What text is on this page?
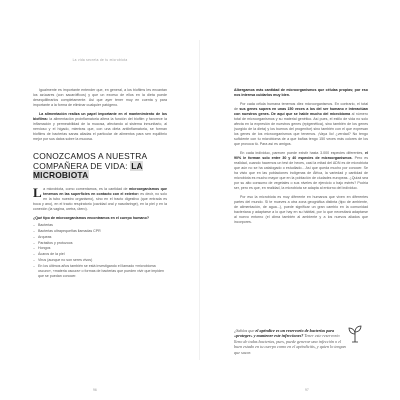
La vida secreta de tu microbiota

Igualmente es importante entender que, en general, a los biofilms les encantan los azúcares (con sacarófficos) y que un exceso de ellos en la dieta puede desequilibrarlos completamente. Así que ayer tener muy en cuenta y para importante a la forma de eliminar cualquier patógeno.

La alimentación realiza un papel importante en el mantenimiento de los biofilms: la alimentación proinflamatoria altera la función del biofilm y favorece la inflamación y permeabilidad de la mucosa, afectando al sistema inmunitario, al nervioso y el hígado, mientras que, con una dieta antiinflamatoria, se forman biofilms de bacterias sanas aliadas el particular de alimentos para sen equilibrio mejor por sus datos sobre la mucosa.

CONOZCAMOS A NUESTRA COMPAÑERA DE VIDA: LA MICROBIOTA

La microbiota, como comentamos, es la cantidad de microorganismos que tenemos en las superficies en contacto con el exterior: es decir, no solo en la tubo nuestro organismo), sino en el tracto digestivo (que entrada es boca y ano), en el tracto respiratorio (cavidad oral y nasofaringe), en la piel y en la conexión (la vagina, uretra, útero).

¿Qué tipo de microorganismos encontramos en el cuerpo humano?
– Bacterias
– Bacterias ultrapequeñas llamadas CPR
– Arqueas
– Parásitos y protozoos
– Hongos
– Ácaros de la piel
– Virus (aunque no son seres vivos)
– En los últimos años también se está investigando el llamado «microbioma oscuro», «materia oscura» o formas de bacterias que pueden vivir que impiden que se puedan conocer.
96	97

Albergamos más cantidad de microorganismos que células propias; por eso nos interesa cuidarlos muy bien.

Por cada célula humana tenemos diez microorganismos. En contrario, el total de sus genes supera en unas 150 veces a los del ser humano e interactúan con nuestros genes. De aquí que se hable mucho del microbioma al número total de microorganismos y su material genético. Así pues, el estilo de vida no solo afecta en la expresión de nuestros genes (epigenética), sino también de los genes (surgido de la dieta) y los buenos del progenitor) sino también con el que expresan los genes de los microorganismos que tenemos. ¡Vaya lío! ¿verdad? No tengo suficiente con tu microbioma de a que bañas tengo 150 veces más colores de los que provoca tú. Para así es amigos.

En cada individuo, parecen puede existir hasta 3.000 especies diferentes, el 90% le forman solo entre 30 y 40 especies de microorganismos. Pero es realidad, cuando hacemos un test de heces, casi la mitad del ADN es de microbiota que aún no se ha catalogado o estudiado... Así que queda mucho por conocer. Se ha visto que en las poblaciones indígenas de África, la variedad y cantidad de microbiota es mucho mayor que en la población de ciudades europeas. ¿Quizá sea por su alto consumo de vegetales o sus niveles de ejercicio o bajo estrés? Podría ser, pero es que, en realidad, la microbiota se adapta al entorno del individuo.

Por eso la microbiota es muy diferente en humanos que viven en diferentes partes del mundo. Si te mueves a otra zona geográfica distinta (tipo de ambiente, de alimentación, de agua...), puede significar un gran cambio en la comunidad bacteriana y adaptarse a lo que hay en su hábitat, por lo que necesitará adaptarse al nuevo entorno (el clima también al ambiente y a los nuevos aliados que incorpores.

¿Sabías que el apéndice es un reservorio de bacterias para «proteger» y mantener este infecciones? Tener este reservorio lleno de todas bacterias, pues, puede generar una infección o el buen estado en tu cuerpo como en el apéndicitis, y quien lo tengan que sacar.
